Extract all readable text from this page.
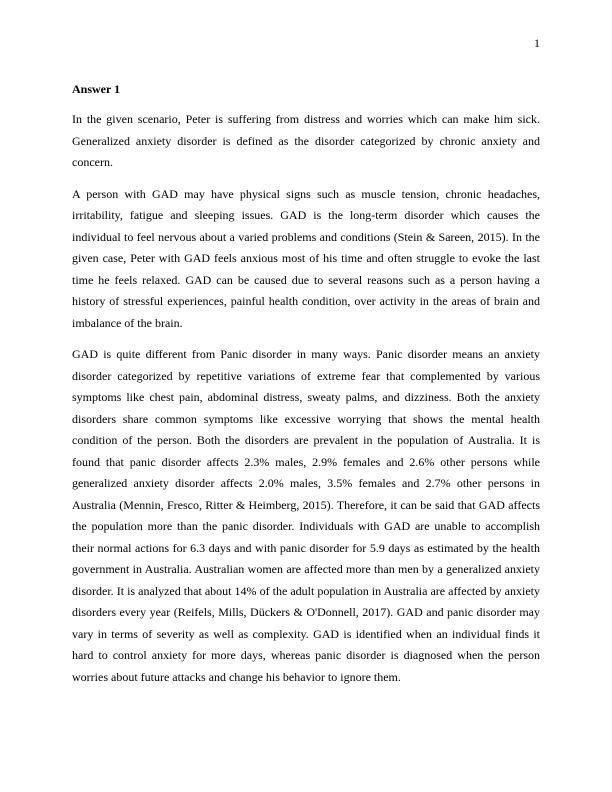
1
Answer 1

In the given scenario, Peter is suffering from distress and worries which can make him sick. Generalized anxiety disorder is defined as the disorder categorized by chronic anxiety and concern.

A person with GAD may have physical signs such as muscle tension, chronic headaches, irritability, fatigue and sleeping issues. GAD is the long-term disorder which causes the individual to feel nervous about a varied problems and conditions (Stein & Sareen, 2015). In the given case, Peter with GAD feels anxious most of his time and often struggle to evoke the last time he feels relaxed. GAD can be caused due to several reasons such as a person having a history of stressful experiences, painful health condition, over activity in the areas of brain and imbalance of the brain.

GAD is quite different from Panic disorder in many ways. Panic disorder means an anxiety disorder categorized by repetitive variations of extreme fear that complemented by various symptoms like chest pain, abdominal distress, sweaty palms, and dizziness. Both the anxiety disorders share common symptoms like excessive worrying that shows the mental health condition of the person. Both the disorders are prevalent in the population of Australia. It is found that panic disorder affects 2.3% males, 2.9% females and 2.6% other persons while generalized anxiety disorder affects 2.0% males, 3.5% females and 2.7% other persons in Australia (Mennin, Fresco, Ritter & Heimberg, 2015). Therefore, it can be said that GAD affects the population more than the panic disorder. Individuals with GAD are unable to accomplish their normal actions for 6.3 days and with panic disorder for 5.9 days as estimated by the health government in Australia. Australian women are affected more than men by a generalized anxiety disorder. It is analyzed that about 14% of the adult population in Australia are affected by anxiety disorders every year (Reifels, Mills, Dückers & O'Donnell, 2017). GAD and panic disorder may vary in terms of severity as well as complexity. GAD is identified when an individual finds it hard to control anxiety for more days, whereas panic disorder is diagnosed when the person worries about future attacks and change his behavior to ignore them.
